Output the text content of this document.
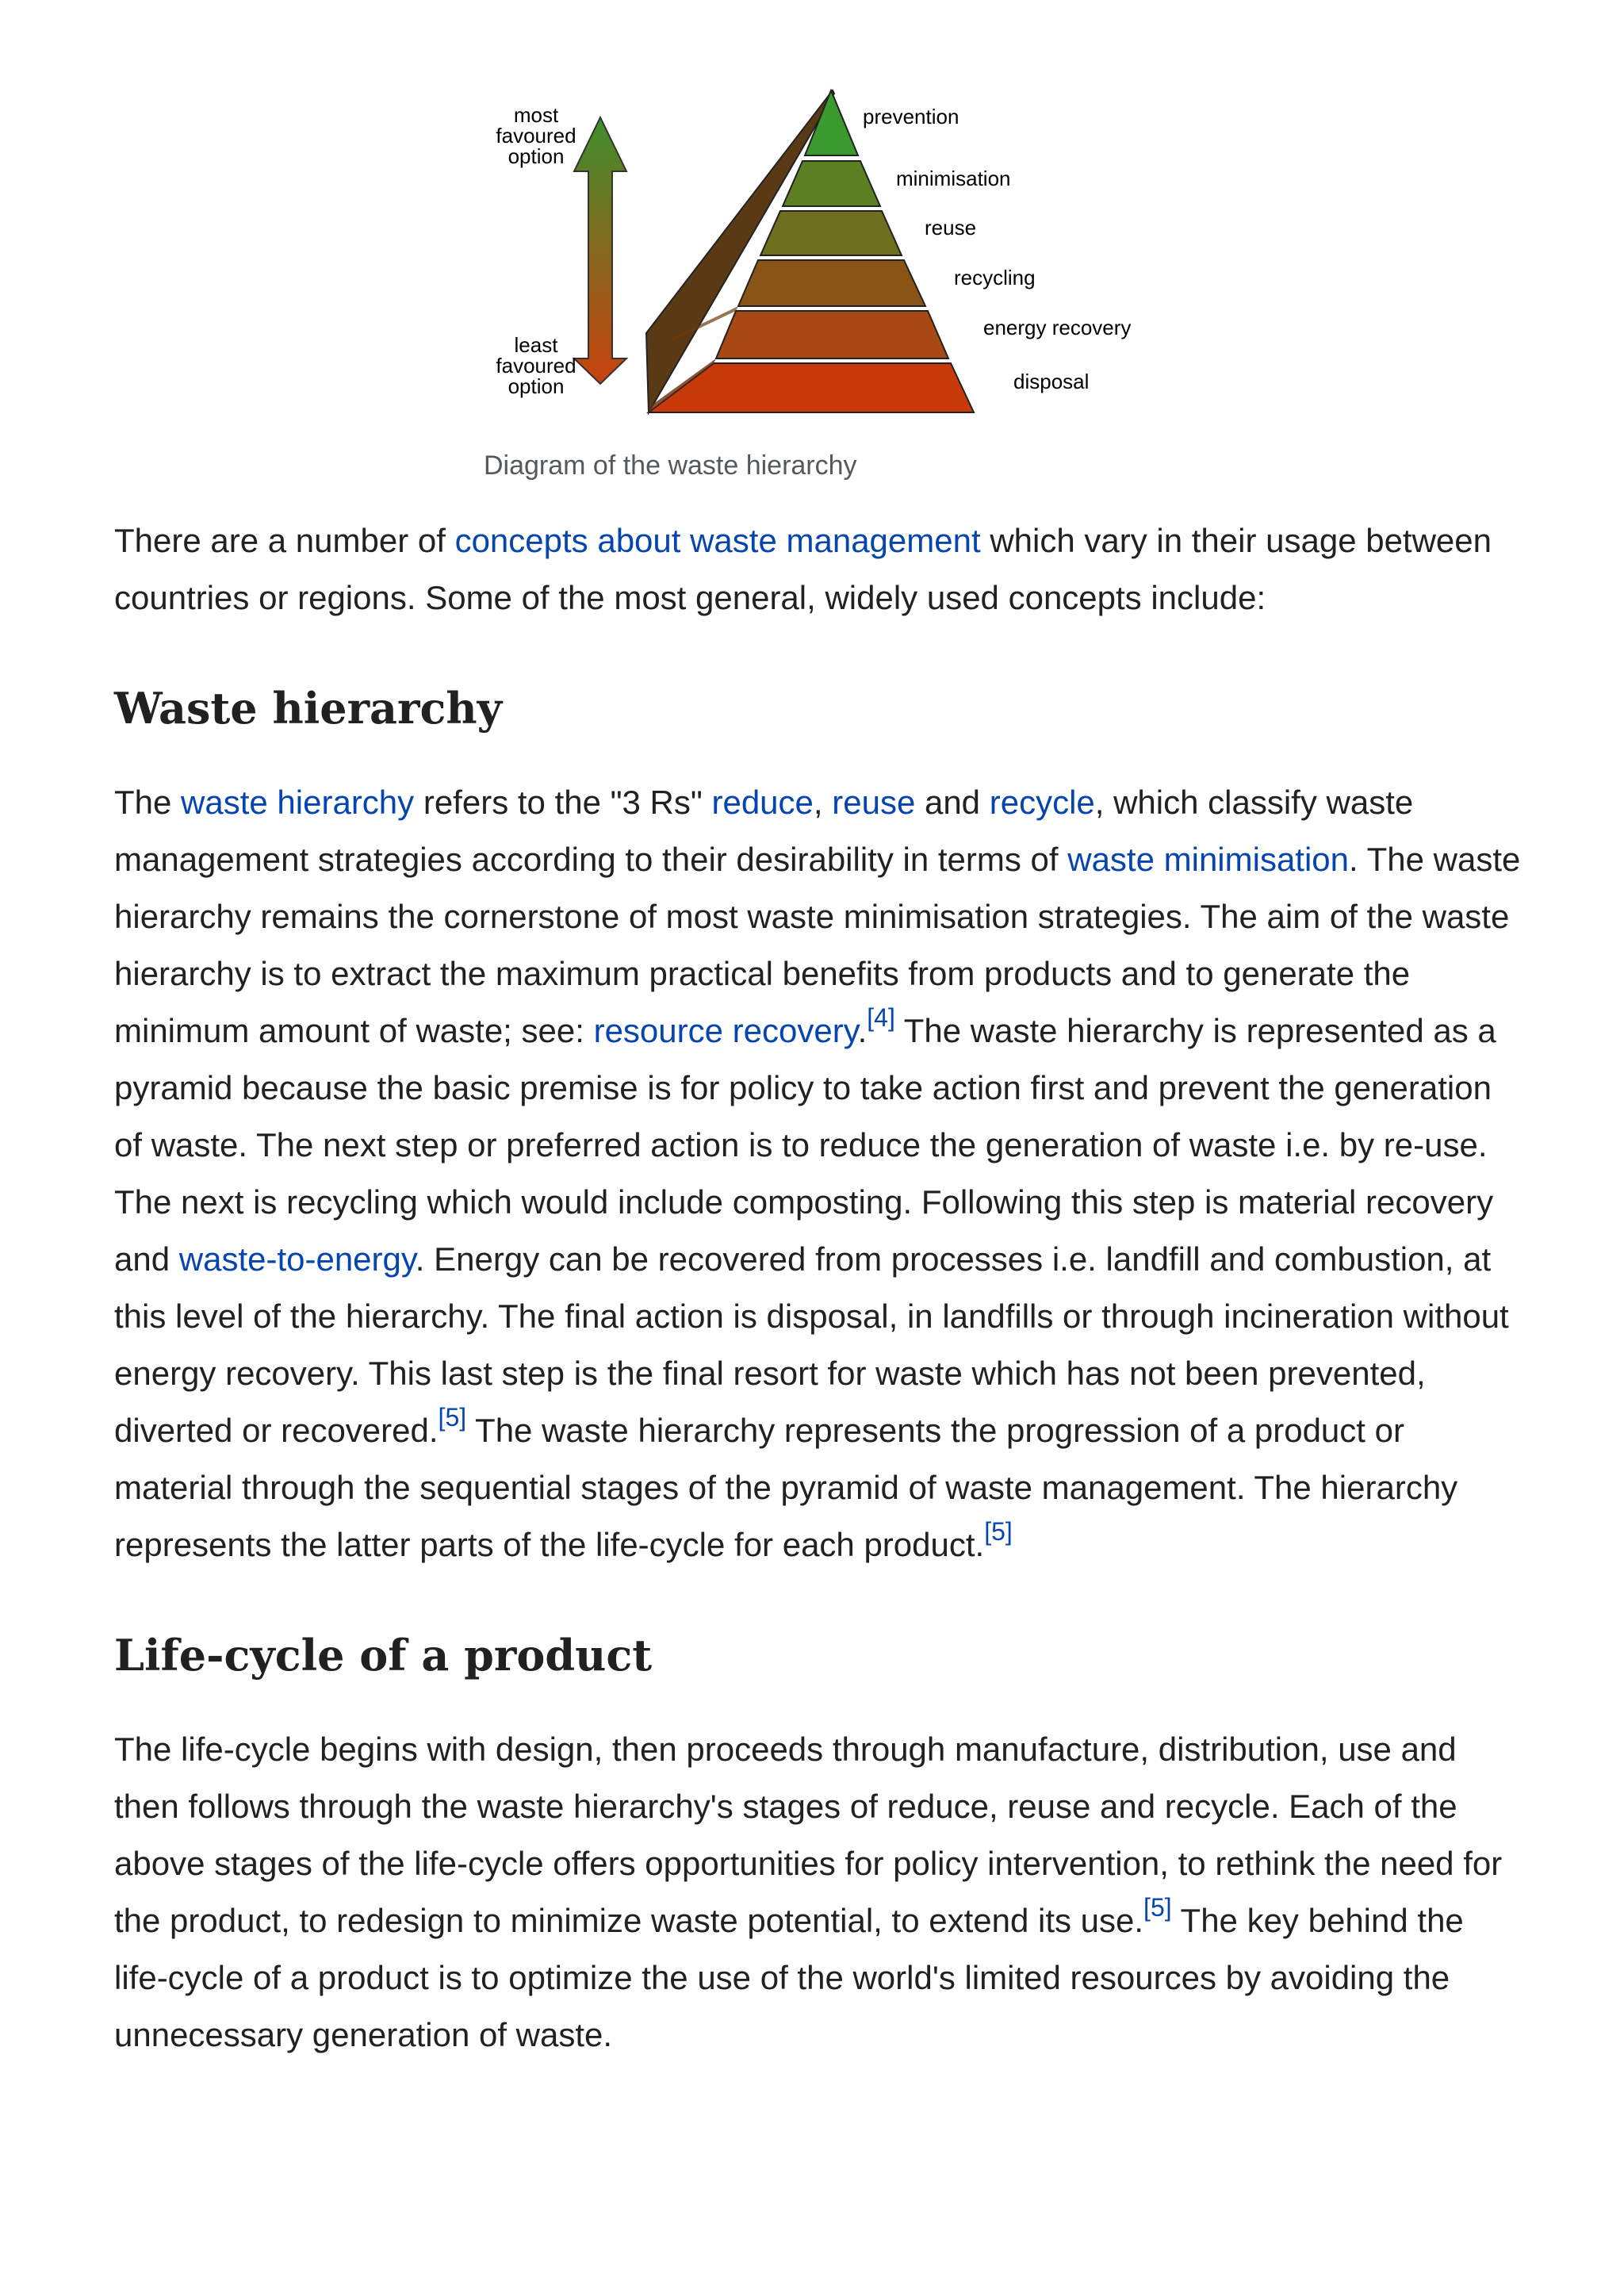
most
favoured
option
least
favoured
option
prevention
minimisation
reuse
recycling
energy recovery
disposal
Diagram of the waste hierarchy

There are a number of concepts about waste management which vary in their usage between countries or regions. Some of the most general, widely used concepts include:

Waste hierarchy

The waste hierarchy refers to the "3 Rs" reduce, reuse and recycle, which classify waste management strategies according to their desirability in terms of waste minimisation. The waste hierarchy remains the cornerstone of most waste minimisation strategies. The aim of the waste hierarchy is to extract the maximum practical benefits from products and to generate the minimum amount of waste; see: resource recovery.[4] The waste hierarchy is represented as a pyramid because the basic premise is for policy to take action first and prevent the generation of waste. The next step or preferred action is to reduce the generation of waste i.e. by re-use. The next is recycling which would include composting. Following this step is material recovery and waste-to-energy. Energy can be recovered from processes i.e. landfill and combustion, at this level of the hierarchy. The final action is disposal, in landfills or through incineration without energy recovery. This last step is the final resort for waste which has not been prevented, diverted or recovered.[5] The waste hierarchy represents the progression of a product or material through the sequential stages of the pyramid of waste management. The hierarchy represents the latter parts of the life-cycle for each product.[5]

Life-cycle of a product

The life-cycle begins with design, then proceeds through manufacture, distribution, use and then follows through the waste hierarchy's stages of reduce, reuse and recycle. Each of the above stages of the life-cycle offers opportunities for policy intervention, to rethink the need for the product, to redesign to minimize waste potential, to extend its use.[5] The key behind the life-cycle of a product is to optimize the use of the world's limited resources by avoiding the unnecessary generation of waste.
